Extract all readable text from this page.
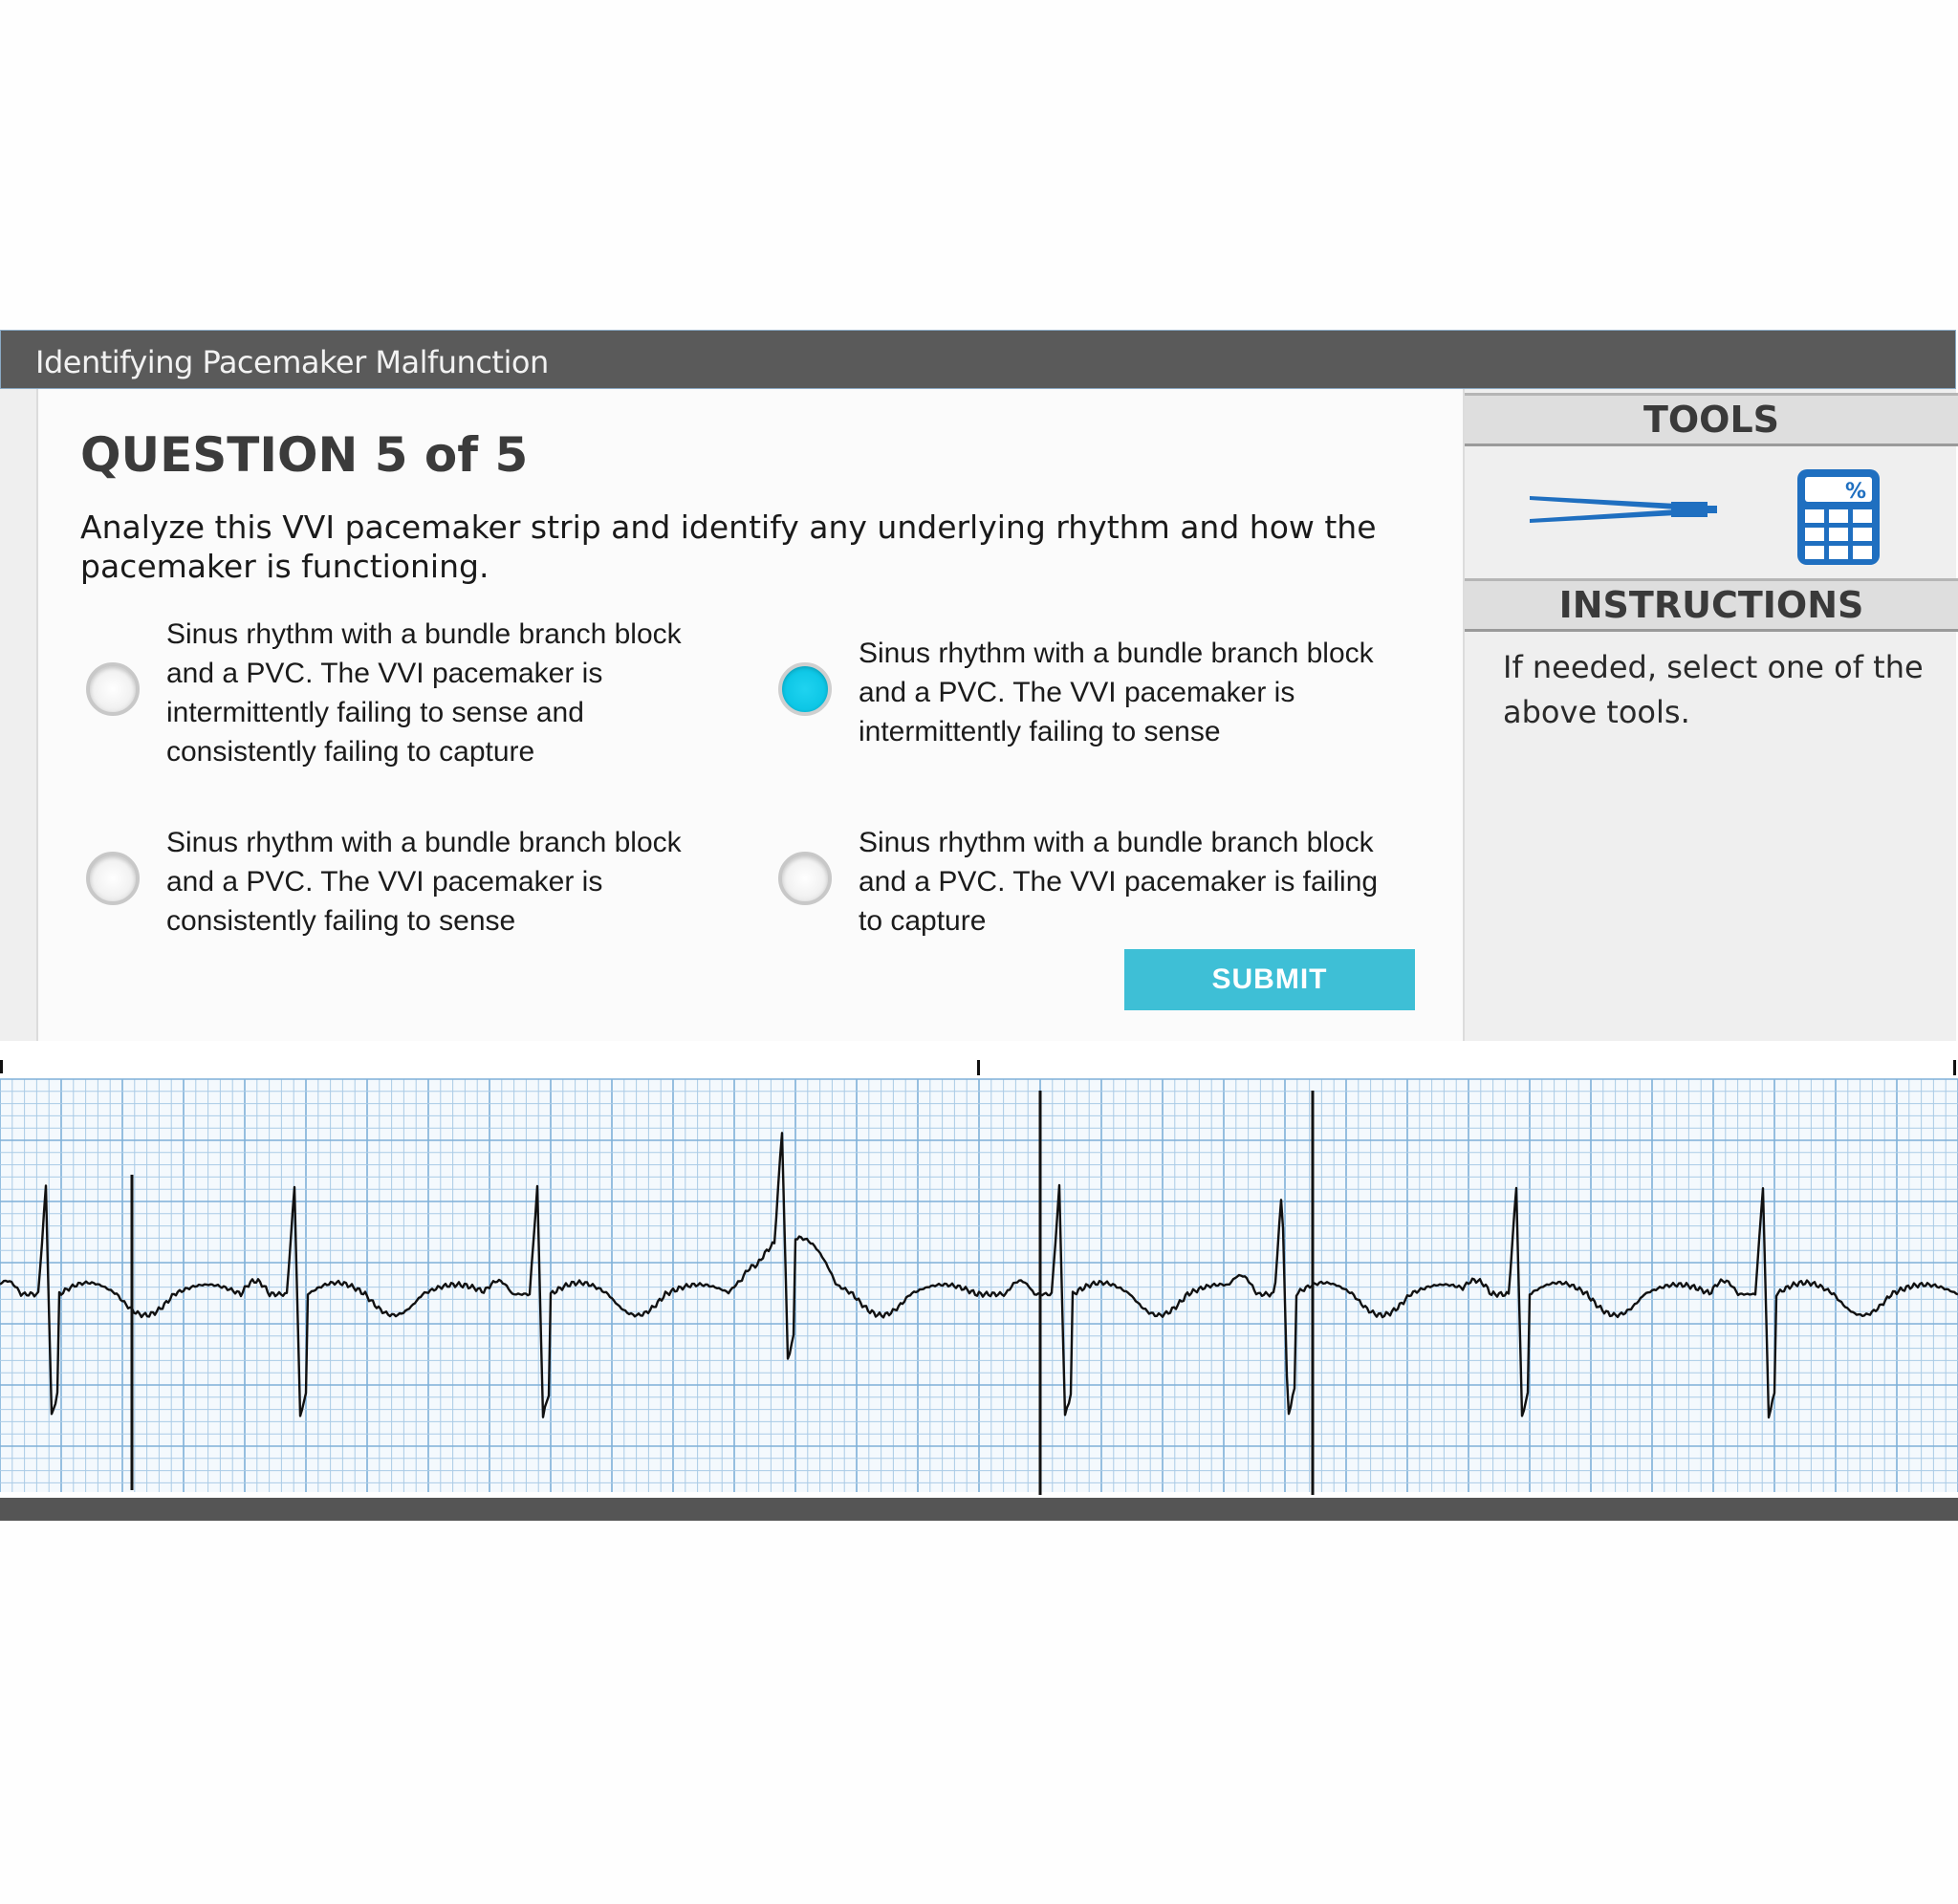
Identifying Pacemaker Malfunction
QUESTION 5 of 5
Analyze this VVI pacemaker strip and identify any underlying rhythm and how the pacemaker is functioning.
Sinus rhythm with a bundle branch block and a PVC. The VVI pacemaker is intermittently failing to sense and consistently failing to capture
Sinus rhythm with a bundle branch block and a PVC. The VVI pacemaker is intermittently failing to sense
Sinus rhythm with a bundle branch block and a PVC. The VVI pacemaker is consistently failing to sense
Sinus rhythm with a bundle branch block and a PVC. The VVI pacemaker is failing to capture
SUBMIT
TOOLS
%
INSTRUCTIONS
If needed, select one of the above tools.
